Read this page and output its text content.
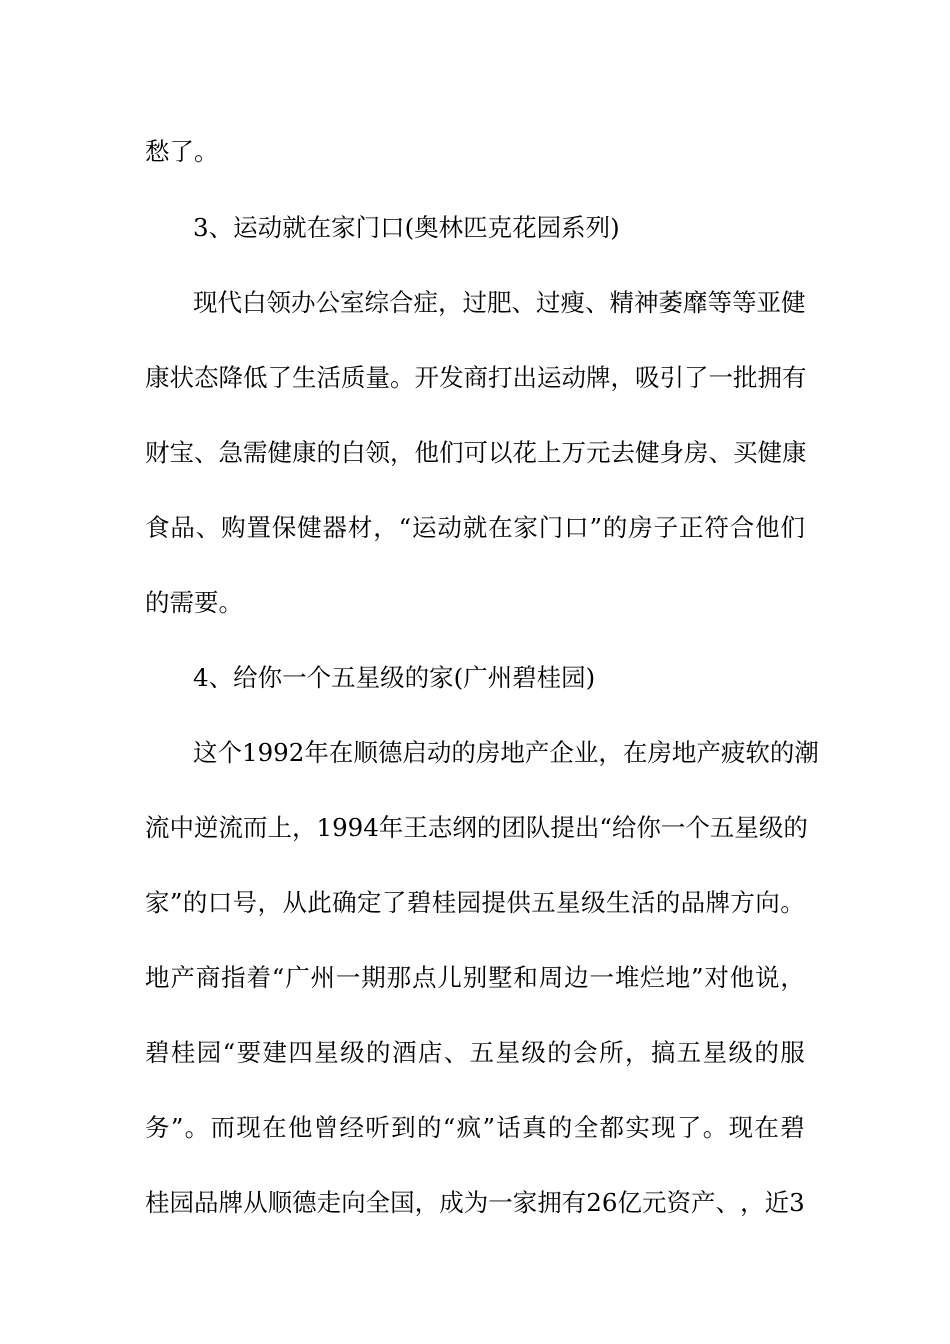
愁了。
3、运动就在家门口(奥林匹克花园系列)
现 代 白 领 办 公 室 综 合 症 ， 过 肥 、 过 瘦 、 精 神 萎 靡 等 等 亚 健
康 状 态 降 低 了 生 活 质 量 。 开 发 商 打 出 运 动 牌 ， 吸 引 了 一 批 拥 有
财 宝 、 急 需 健 康 的 白 领 ， 他 们 可 以 花 上 万 元 去 健 身 房 、 买 健 康
食 品 、 购 置 保 健 器 材 ， “ 运 动 就 在 家 门 口 ” 的 房 子 正 符 合 他 们
的需要。
4、给你一个五星级的家(广州碧桂园)
这 个 1992 年 在 顺 德 启 动 的 房 地 产 企 业 ， 在 房 地 产 疲 软 的 潮
流 中 逆 流 而 上 ， 1994 年 王 志 纲 的 团 队 提 出 “ 给 你 一 个 五 星 级 的
家 ” 的 口 号 ， 从 此 确 定 了 碧 桂 园 提 供 五 星 级 生 活 的 品 牌 方 向 。
地 产 商 指 着 “ 广 州 一 期 那 点 儿 别 墅 和 周 边 一 堆 烂 地 ” 对 他 说 ，
碧 桂 园 “ 要 建 四 星 级 的 酒 店 、 五 星 级 的 会 所 ， 搞 五 星 级 的 服
务 ” 。 而 现 在 他 曾 经 听 到 的 “ 疯 ” 话 真 的 全 都 实 现 了 。 现 在 碧
桂 园 品 牌 从 顺 德 走 向 全 国 ， 成 为 一 家 拥 有 26 亿 元 资 产 、 ， 近 3
